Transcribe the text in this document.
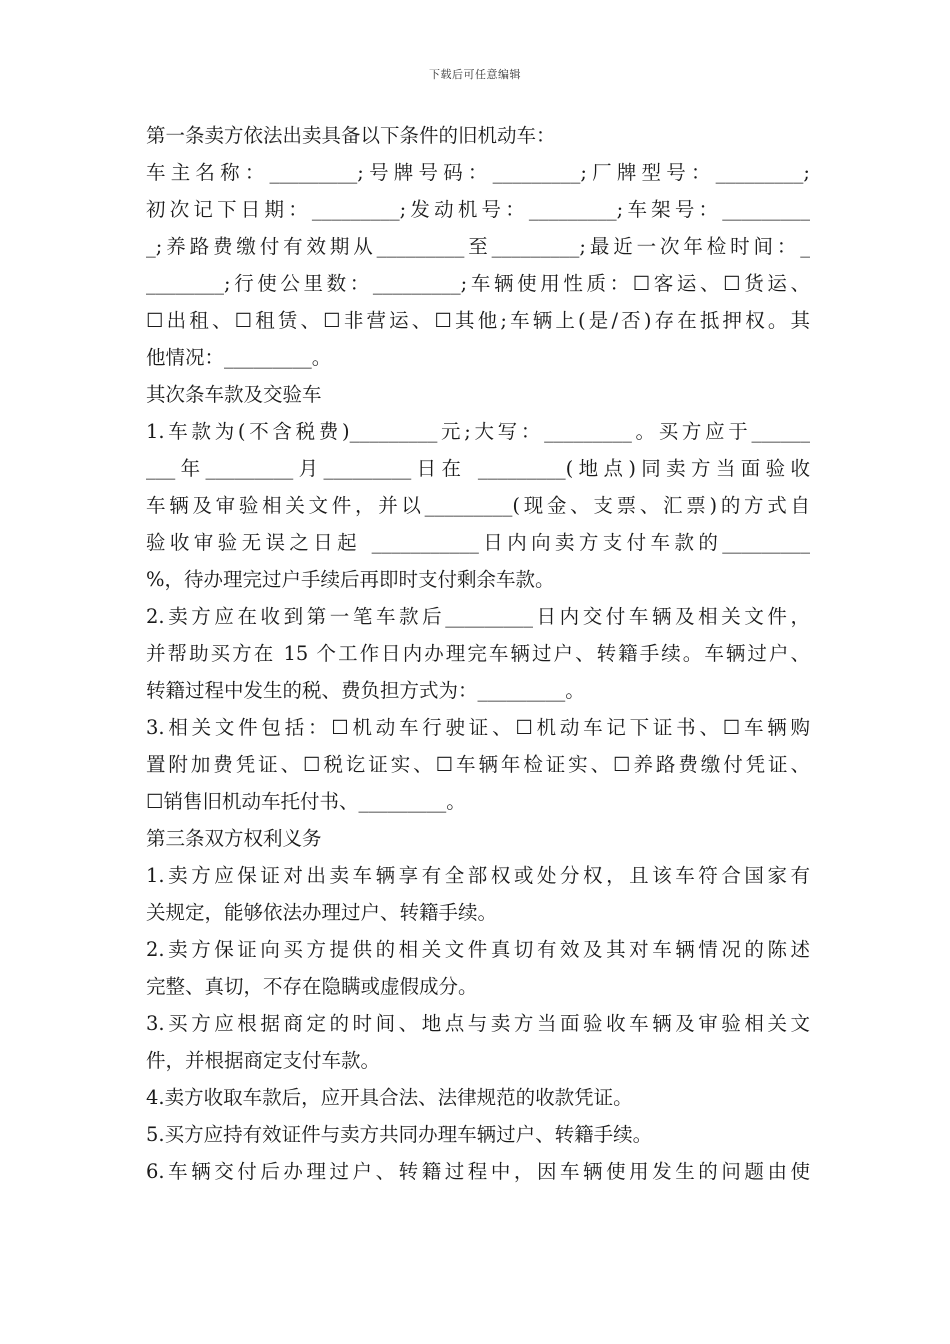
下载后可任意编辑
第一条卖方依法出卖具备以下条件的旧机动车：
车主名称：_________;号牌号码：_________;厂牌型号：_________;
初次记下日期：_________;发动机号：_________;车架号：_________
_;养路费缴付有效期从_________至_________;最近一次年检时间：_
________;行使公里数：_________;车辆使用性质：☐客运、☐货运、
☐出租、☐租赁、☐非营运、☐其他;车辆上(是/否)存在抵押权。其
他情况：_________。
其次条车款及交验车
1.车款为(不含税费)_________元;大写：_________。买方应于______
___年_________月_________日在 _________(地点)同卖方当面验收
车辆及审验相关文件，并以_________(现金、支票、汇票)的方式自
验收审验无误之日起 ___________日内向卖方支付车款的_________
%，待办理完过户手续后再即时支付剩余车款。
2.卖方应在收到第一笔车款后_________日内交付车辆及相关文件，
并帮助买方在 15 个工作日内办理完车辆过户、转籍手续。车辆过户、
转籍过程中发生的税、费负担方式为：_________。
3.相关文件包括：☐机动车行驶证、☐机动车记下证书、☐车辆购
置附加费凭证、☐税讫证实、☐车辆年检证实、☐养路费缴付凭证、
☐销售旧机动车托付书、_________。
第三条双方权利义务
1.卖方应保证对出卖车辆享有全部权或处分权，且该车符合国家有
关规定，能够依法办理过户、转籍手续。
2.卖方保证向买方提供的相关文件真切有效及其对车辆情况的陈述
完整、真切，不存在隐瞒或虚假成分。
3.买方应根据商定的时间、地点与卖方当面验收车辆及审验相关文
件，并根据商定支付车款。
4.卖方收取车款后，应开具合法、法律规范的收款凭证。
5.买方应持有效证件与卖方共同办理车辆过户、转籍手续。
6.车辆交付后办理过户、转籍过程中，因车辆使用发生的问题由使
